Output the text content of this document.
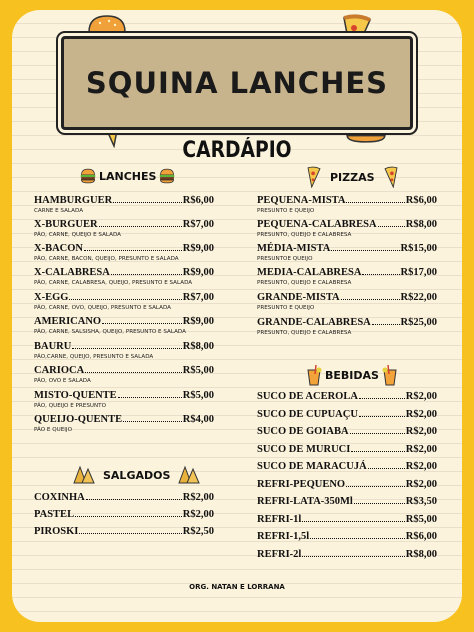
SQUINA LANCHES
CARDÁPIO
LANCHES	PIZZAS
BEBIDAS
SALGADOS
HAMBURGUER	R$6,00
CARNE E SALADA
X-BURGUER	R$7,00
PÃO, CARNE, QUEIJO E SALADA
X-BACON	R$9,00
PÃO, CARNE, BACON, QUEIJO, PRESUNTO E SALADA
X-CALABRESA	R$9,00
PÃO, CARNE, CALABRESA, QUEIJO, PRESUNTO E SALADA
X-EGG	R$7,00
PÃO, CARNE, OVO, QUEIJO, PRESUNTO E SALADA
AMERICANO	R$9,00
PÃO, CARNE, SALSISHA, QUEIJO, PRESUNTO E SALADA
BAURU	R$8,00
PÃO,CARNE, QUEIJO, PRESUNTO E SALADA
CARIOCA	R$5,00
PÃO, OVO E SALADA
MISTO-QUENTE	R$5,00
PÃO, QUEIJO E PRESUNTO
QUEIJO-QUENTE	R$4,00
PÃO E QUEIJO
COXINHA	R$2,00
PASTEL	R$2,00
PIROSKI	R$2,50
PEQUENA-MISTA	R$6,00
PRESUNTO E QUEIJO
PEQUENA-CALABRESA	R$8,00
PRESUNTO, QUEIJO E CALABRESA
MÉDIA-MISTA	R$15,00
PRESUNTOE QUEIJO
MEDIA-CALABRESA	R$17,00
PRESUNTO, QUEIJO E CALABRESA
GRANDE-MISTA	R$22,00
PRESUNTO E QUEIJO
GRANDE-CALABRESA	R$25,00
PRESUNTO, QUEIJO E CALABRESA
SUCO DE ACEROLA	R$2,00
SUCO DE CUPUAÇU	R$2,00
SUCO DE GOIABA	R$2,00
SUCO DE MURUCI	R$2,00
SUCO DE MARACUJÁ	R$2,00
REFRI-PEQUENO	R$2,00
REFRI-LATA-350Ml	R$3,50
REFRI-1l	R$5,00
REFRI-1,5l	R$6,00
REFRI-2l	R$8,00
ORG. NATAN E LORRANA
